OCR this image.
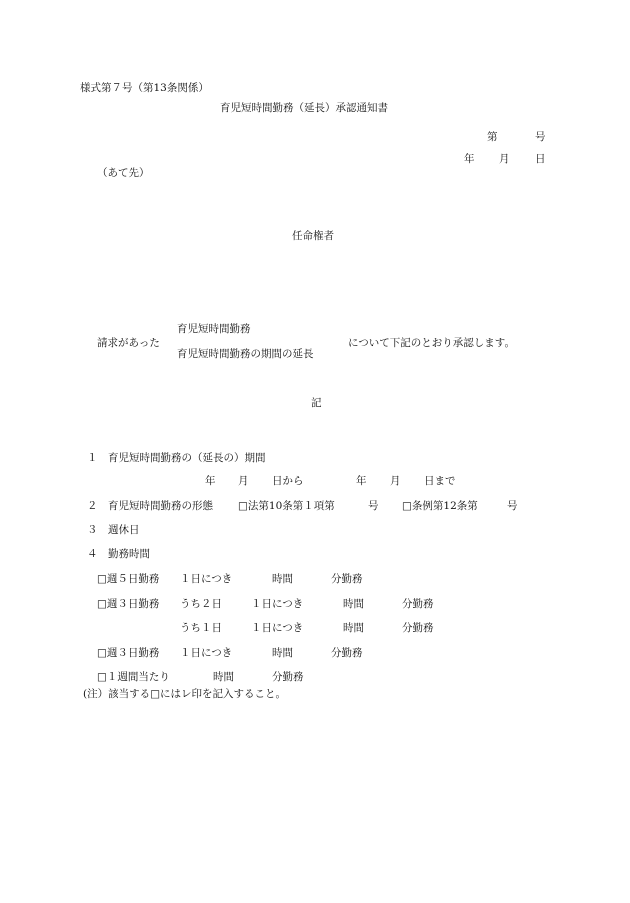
様式第７号（第13条関係）
育児短時間勤務（延長）承認通知書
第	号
年 月 日
（あて先）
任命権者
請求があった
育児短時間勤務
育児短時間勤務の期間の延長
について下記のとおり承認します。
記
１　育児短時間勤務の（延長の）期間
年 月 日から	年 月 日まで
２　育児短時間勤務の形態 □法第10条第１項第	号 □条例第12条第	号
３　週休日
４　勤務時間
□週５日勤務 １日につき	時間	分勤務
□週３日勤務 うち２日	１日につき	時間	分勤務
うち１日	１日につき	時間	分勤務
□週３日勤務 １日につき	時間	分勤務
□１週間当たり	時間	分勤務
(注）該当する□にはレ印を記入すること。
